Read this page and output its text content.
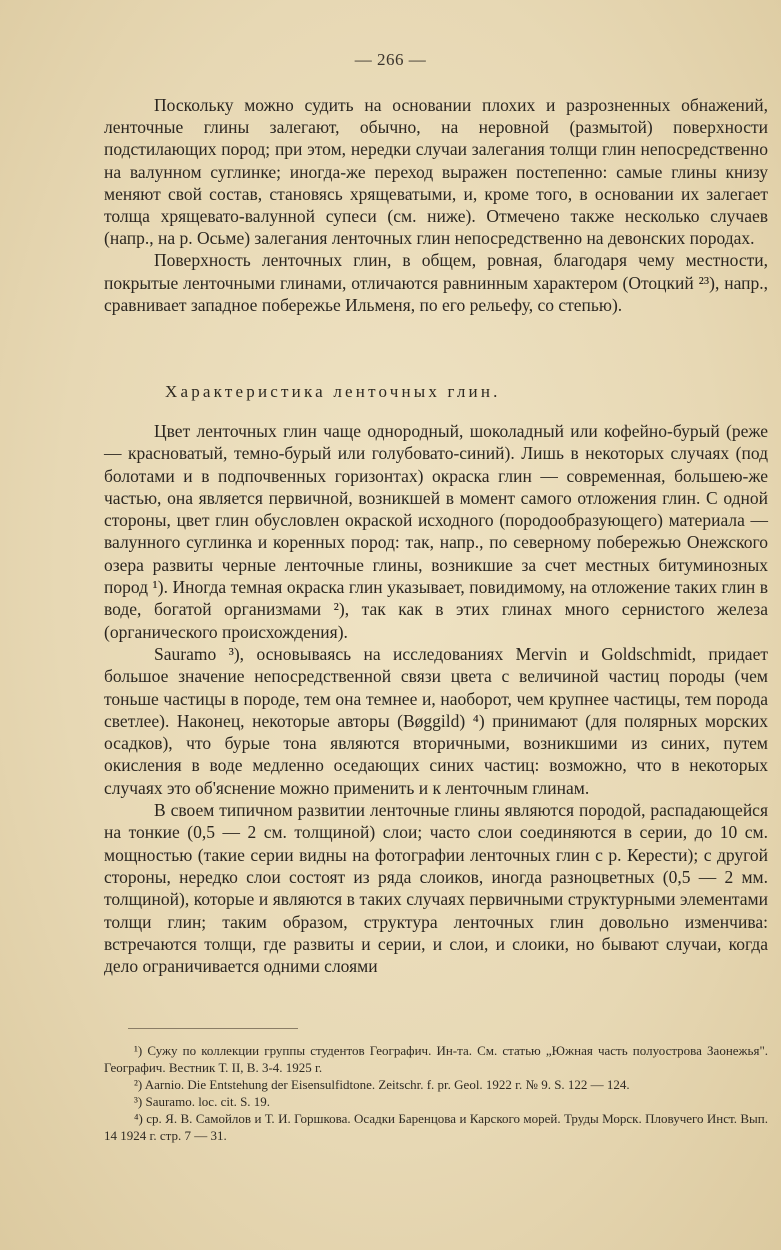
— 266 —

Поскольку можно судить на основании плохих и разрозненных обнажений, ленточные глины залегают, обычно, на неровной (размытой) поверхности подстилающих пород; при этом, нередки случаи залегания толщи глин непосредственно на валунном суглинке; иногда-же переход выражен постепенно: самые глины книзу меняют свой состав, становясь хрящеватыми, и, кроме того, в основании их залегает толща хрящевато-валунной супеси (см. ниже). Отмечено также несколько случаев (напр., на р. Осьме) залегания ленточных глин непосредственно на девонских породах.

Поверхность ленточных глин, в общем, ровная, благодаря чему местности, покрытые ленточными глинами, отличаются равнинным характером (Отоцкий ²³), напр., сравнивает западное побережье Ильменя, по его рельефу, со степью).

Характеристика ленточных глин.

Цвет ленточных глин чаще однородный, шоколадный или кофейно-бурый (реже — красноватый, темно-бурый или голубовато-синий). Лишь в некоторых случаях (под болотами и в подпочвенных горизонтах) окраска глин — современная, большею-же частью, она является первичной, возникшей в момент самого отложения глин. С одной стороны, цвет глин обусловлен окраской исходного (породообразующего) материала — валунного суглинка и коренных пород: так, напр., по северному побережью Онежского озера развиты черные ленточные глины, возникшие за счет местных битуминозных пород ¹). Иногда темная окраска глин указывает, повидимому, на отложение таких глин в воде, богатой организмами ²), так как в этих глинах много сернистого железа (органического происхождения).

Sauramo ³), основываясь на исследованиях Mervin и Goldschmidt, придает большое значение непосредственной связи цвета с величиной частиц породы (чем тоньше частицы в породе, тем она темнее и, наоборот, чем крупнее частицы, тем порода светлее). Наконец, некоторые авторы (Bøggild) ⁴) принимают (для полярных морских осадков), что бурые тона являются вторичными, возникшими из синих, путем окисления в воде медленно оседающих синих частиц: возможно, что в некоторых случаях это об'яснение можно применить и к ленточным глинам.

В своем типичном развитии ленточные глины являются породой, распадающейся на тонкие (0,5 — 2 см. толщиной) слои; часто слои соединяются в серии, до 10 см. мощностью (такие серии видны на фотографии ленточных глин с р. Керести); с другой стороны, нередко слои состоят из ряда слоиков, иногда разноцветных (0,5 — 2 мм. толщиной), которые и являются в таких случаях первичными структурными элементами толщи глин; таким образом, структура ленточных глин довольно изменчива: встречаются толщи, где развиты и серии, и слои, и слоики, но бывают случаи, когда дело ограничивается одними слоями

¹) Сужу по коллекции группы студентов Географич. Ин-та. См. статью „Южная часть полуострова Заонежья". Географич. Вестник Т. II, В. 3-4. 1925 г.

²) Aarnio. Die Entstehung der Eisensulfidtone. Zeitschr. f. pr. Geol. 1922 г. № 9. S. 122 — 124.

³) Sauramo. loc. cit. S. 19.

⁴) ср. Я. В. Самойлов и Т. И. Горшкова. Осадки Баренцова и Карского морей. Труды Морск. Пловучего Инст. Вып. 14 1924 г. стр. 7 — 31.
